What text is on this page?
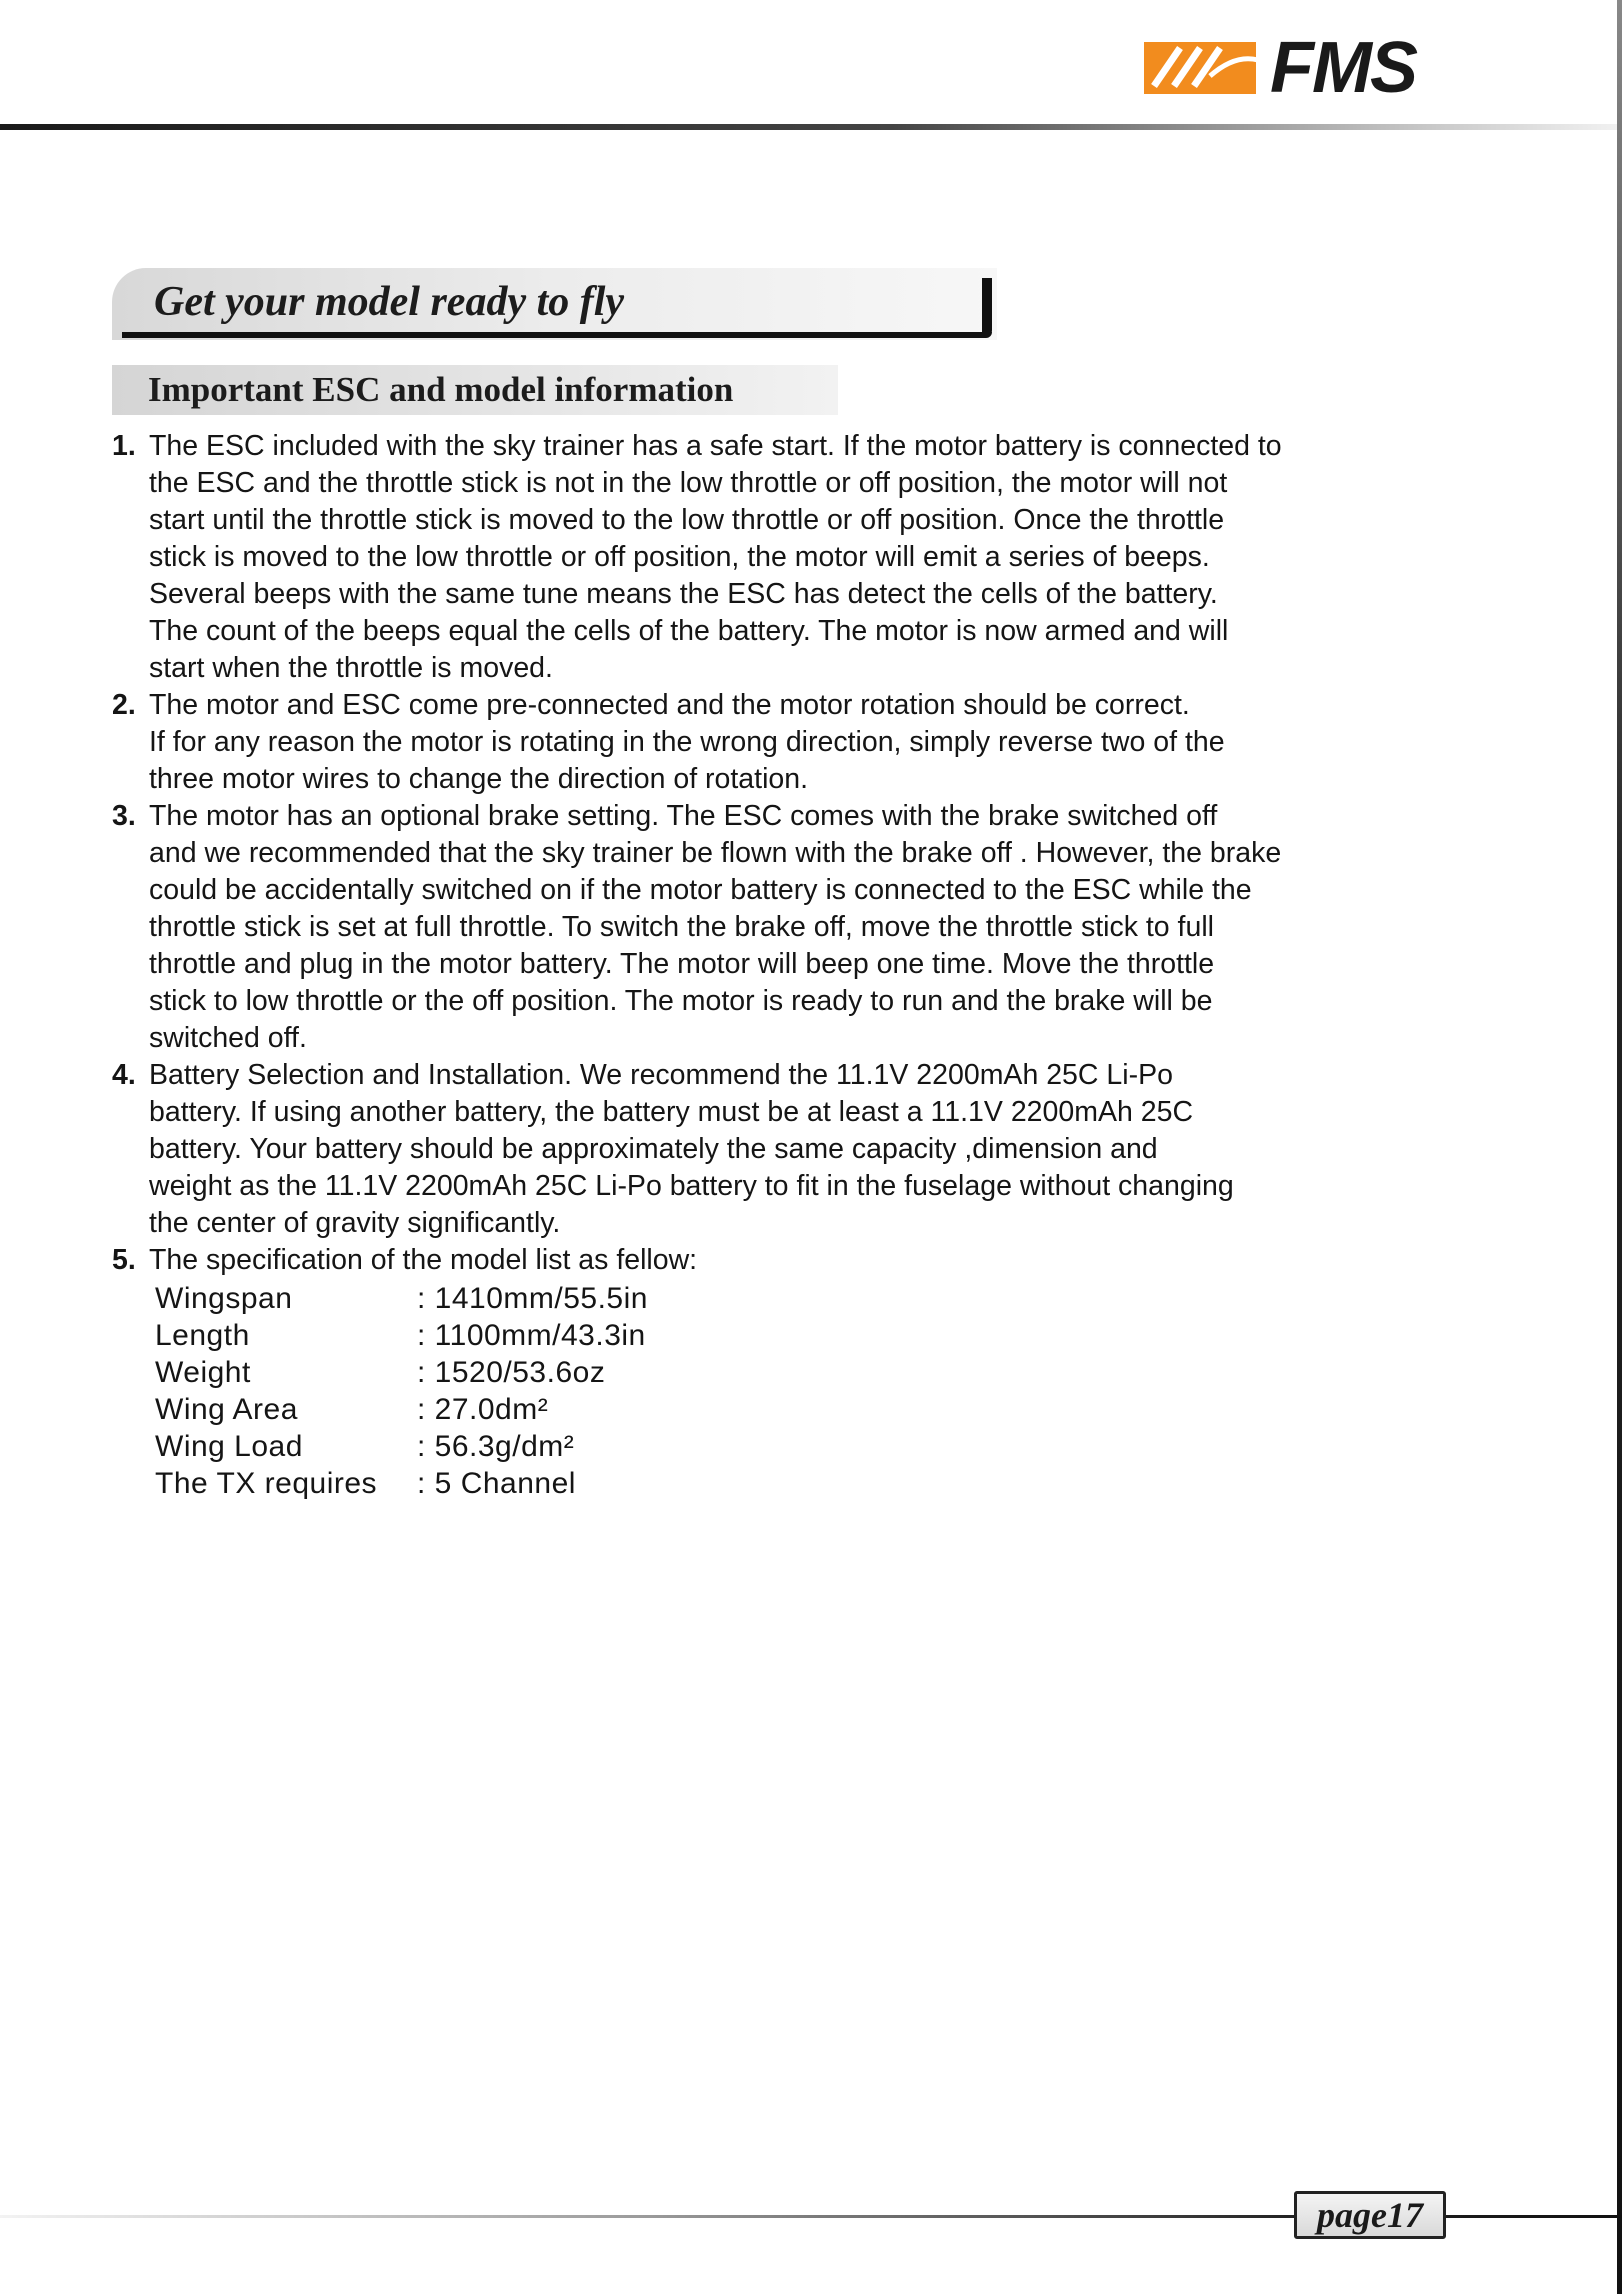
FMS
Get your model ready to fly
Important ESC and model information
1. The ESC included with the sky trainer has a safe start. If the motor battery is connected to
the ESC and the throttle stick is not in the low throttle or off position, the motor will not
start until the throttle stick is moved to the low throttle or off position. Once the throttle
stick is moved to the low throttle or off position, the motor will emit a series of beeps.
Several beeps with the same tune means the ESC has detect the cells of the battery.
The count of the beeps equal the cells of the battery. The motor is now armed and will
start when the throttle is moved.
2. The motor and ESC come pre-connected and the motor rotation should be correct.
If for any reason the motor is rotating in the wrong direction, simply reverse two of the
three motor wires to change the direction of rotation.
3. The motor has an optional brake setting. The ESC comes with the brake switched off
and we recommended that the sky trainer be flown with the brake off . However, the brake
could be accidentally switched on if the motor battery is connected to the ESC while the
throttle stick is set at full throttle. To switch the brake off, move the throttle stick to full
throttle and plug in the motor battery. The motor will beep one time. Move the throttle
stick to low throttle or the off position. The motor is ready to run and the brake will be
switched off.
4. Battery Selection and Installation. We recommend the 11.1V 2200mAh 25C Li-Po
battery. If using another battery, the battery must be at least a 11.1V 2200mAh 25C
battery. Your battery should be approximately the same capacity ,dimension and
weight as the 11.1V 2200mAh 25C Li-Po battery to fit in the fuselage without changing
the center of gravity significantly.
5. The specification of the model list as fellow:
Wingspan	: 1410mm/55.5in
Length	: 1100mm/43.3in
Weight	: 1520/53.6oz
Wing Area	: 27.0dm²
Wing Load	: 56.3g/dm²
The TX requires	: 5 Channel
page17
